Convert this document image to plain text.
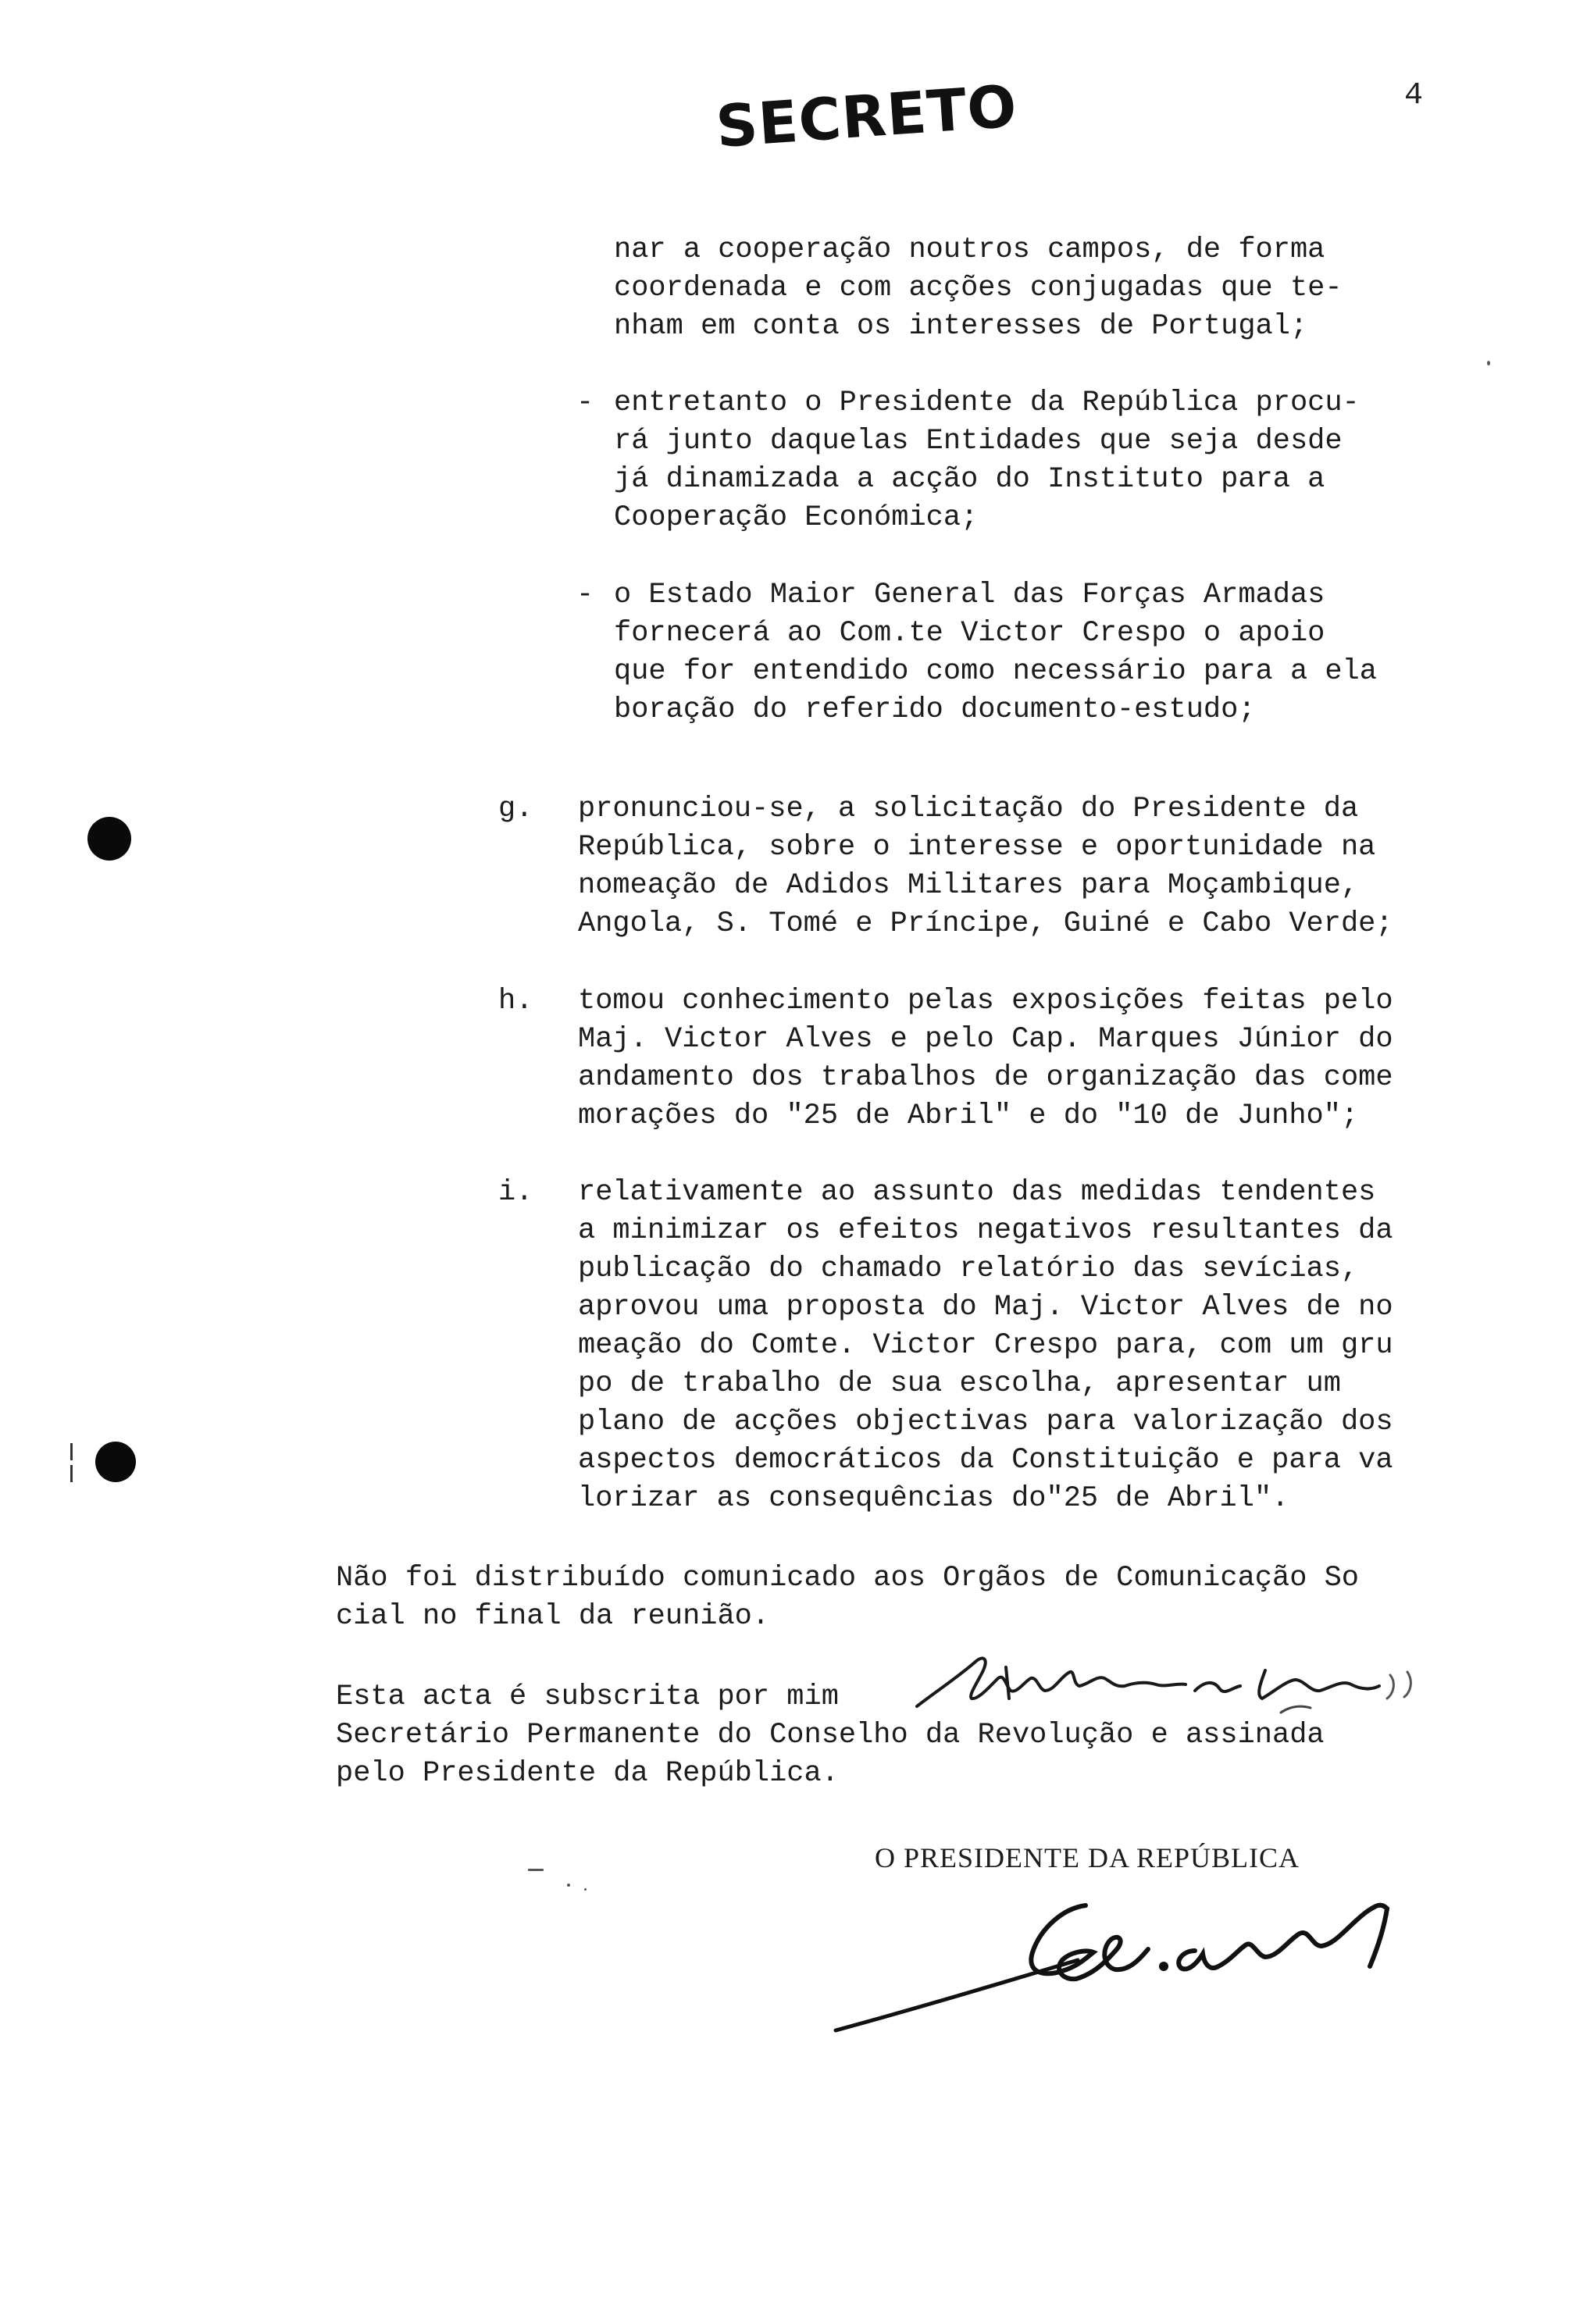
SECRETO	4
nar a cooperação noutros campos, de forma
coordenada e com acções conjugadas que te-
nham em conta os interesses de Portugal;
- entretanto o Presidente da República procu-
rá junto daquelas Entidades que seja desde
já dinamizada a acção do Instituto para a
Cooperação Económica;
- o Estado Maior General das Forças Armadas
fornecerá ao Com.te Victor Crespo o apoio
que for entendido como necessário para a ela
boração do referido documento-estudo;
g. pronunciou-se, a solicitação do Presidente da
República, sobre o interesse e oportunidade na
nomeação de Adidos Militares para Moçambique,
Angola, S. Tomé e Príncipe, Guiné e Cabo Verde;
h. tomou conhecimento pelas exposições feitas pelo
Maj. Victor Alves e pelo Cap. Marques Júnior do
andamento dos trabalhos de organização das come
morações do "25 de Abril" e do "10 de Junho";
i. relativamente ao assunto das medidas tendentes
a minimizar os efeitos negativos resultantes da
publicação do chamado relatório das sevícias,
aprovou uma proposta do Maj. Victor Alves de no
meação do Comte. Victor Crespo para, com um gru
po de trabalho de sua escolha, apresentar um
plano de acções objectivas para valorização dos
aspectos democráticos da Constituição e para va
lorizar as consequências do"25 de Abril".
Não foi distribuído comunicado aos Orgãos de Comunicação So
cial no final da reunião.
Esta acta é subscrita por mim
Secretário Permanente do Conselho da Revolução e assinada
pelo Presidente da República.
O PRESIDENTE DA REPÚBLICA
